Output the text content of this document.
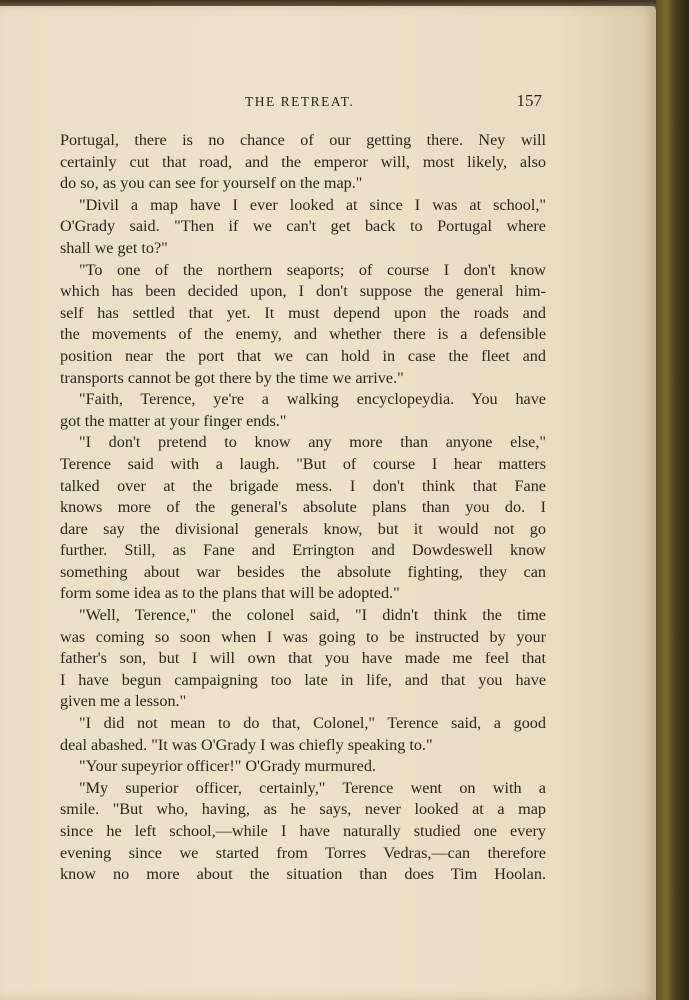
THE RETREAT.	157
Portugal, there is no chance of our getting there. Ney will
certainly cut that road, and the emperor will, most likely, also
do so, as you can see for yourself on the map."
"Divil a map have I ever looked at since I was at school,"
O'Grady said. "Then if we can't get back to Portugal where
shall we get to?"
"To one of the northern seaports; of course I don't know
which has been decided upon, I don't suppose the general him-
self has settled that yet. It must depend upon the roads and
the movements of the enemy, and whether there is a defensible
position near the port that we can hold in case the fleet and
transports cannot be got there by the time we arrive."
"Faith, Terence, ye're a walking encyclopeydia. You have
got the matter at your finger ends."
"I don't pretend to know any more than anyone else,"
Terence said with a laugh. "But of course I hear matters
talked over at the brigade mess. I don't think that Fane
knows more of the general's absolute plans than you do. I
dare say the divisional generals know, but it would not go
further. Still, as Fane and Errington and Dowdeswell know
something about war besides the absolute fighting, they can
form some idea as to the plans that will be adopted."
"Well, Terence," the colonel said, "I didn't think the time
was coming so soon when I was going to be instructed by your
father's son, but I will own that you have made me feel that
I have begun campaigning too late in life, and that you have
given me a lesson."
"I did not mean to do that, Colonel," Terence said, a good
deal abashed. "It was O'Grady I was chiefly speaking to."
"Your supeyrior officer!" O'Grady murmured.
"My superior officer, certainly," Terence went on with a
smile. "But who, having, as he says, never looked at a map
since he left school,—while I have naturally studied one every
evening since we started from Torres Vedras,—can therefore
know no more about the situation than does Tim Hoolan.
